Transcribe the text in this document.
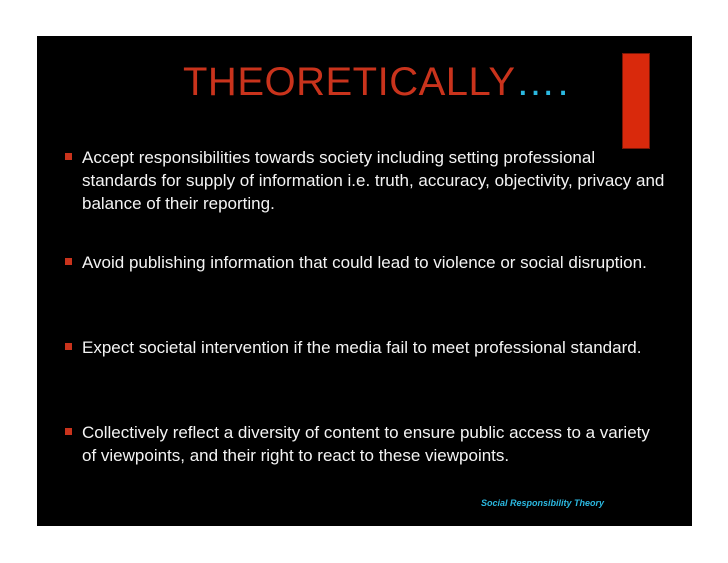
THEORETICALLY….
Accept responsibilities towards society including setting professional standards for supply of information i.e. truth, accuracy, objectivity, privacy and balance of their reporting.
Avoid publishing information that could lead to violence or social disruption.
Expect societal intervention if the media fail to meet professional standard.
Collectively reflect a diversity of content to ensure public access to a variety of viewpoints, and their right to react to these viewpoints.
Social Responsibility Theory
